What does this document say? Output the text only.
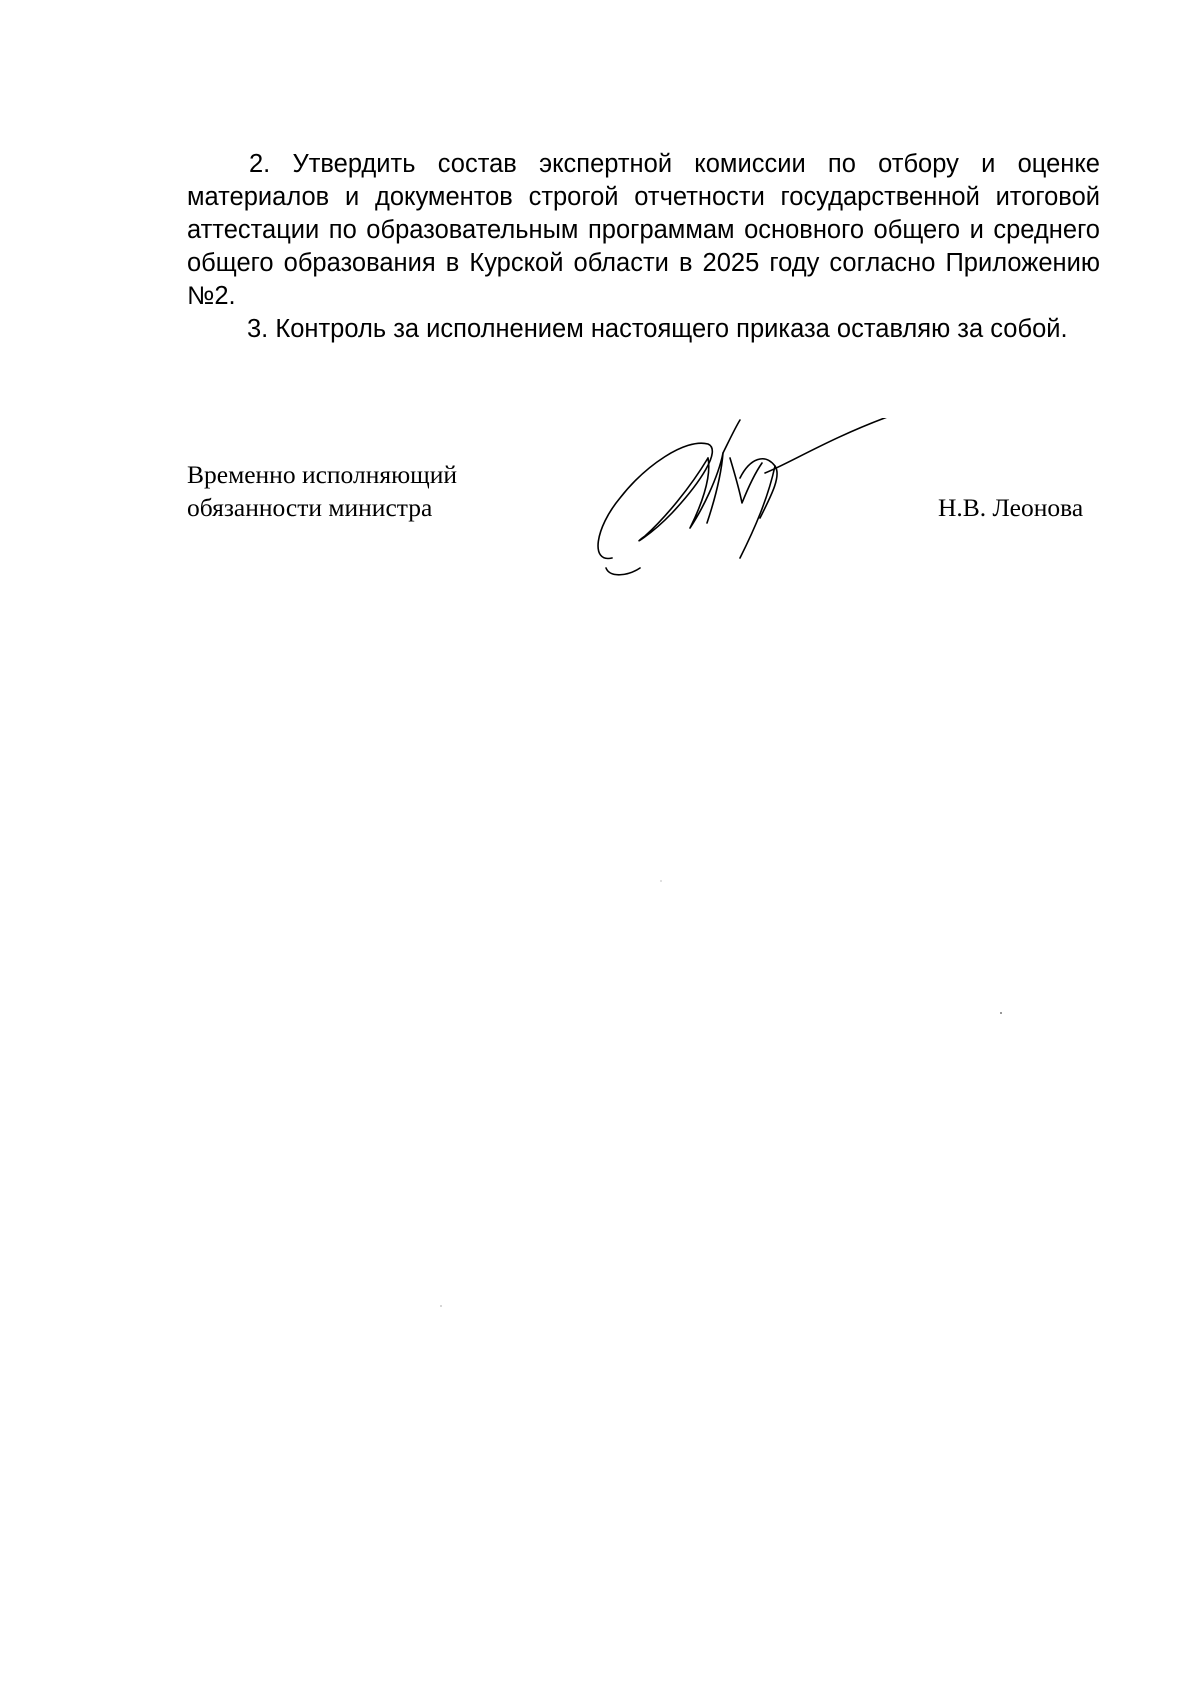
2. Утвердить состав экспертной комиссии по отбору и оценке материалов и документов строгой отчетности государственной итоговой аттестации по образовательным программам основного общего и среднего общего образования в Курской области в 2025 году согласно Приложению №2.

3. Контроль за исполнением настоящего приказа оставляю за собой.

Временно исполняющий
обязанности министра	Н.В. Леонова
